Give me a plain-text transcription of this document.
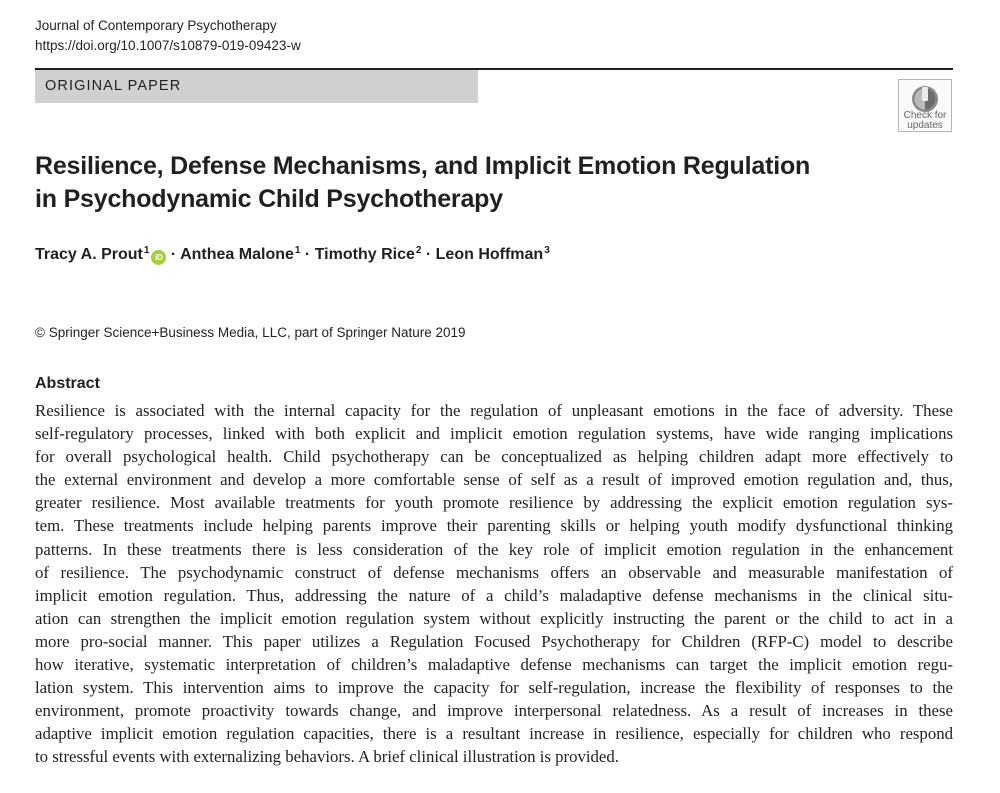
Journal of Contemporary Psychotherapy
https://doi.org/10.1007/s10879-019-09423-w
ORIGINAL PAPER
Check for updates
Resilience, Defense Mechanisms, and Implicit Emotion Regulation
in Psychodynamic Child Psychotherapy
Tracy A. Prout$^1$iD · Anthea Malone$^1$ · Timothy Rice$^2$ · Leon Hoffman$^3$
© Springer Science+Business Media, LLC, part of Springer Nature 2019
Abstract

Resilience is associated with the internal capacity for the regulation of unpleasant emotions in the face of adversity. These
self-regulatory processes, linked with both explicit and implicit emotion regulation systems, have wide ranging implications
for overall psychological health. Child psychotherapy can be conceptualized as helping children adapt more effectively to
the external environment and develop a more comfortable sense of self as a result of improved emotion regulation and, thus,
greater resilience. Most available treatments for youth promote resilience by addressing the explicit emotion regulation sys-
tem. These treatments include helping parents improve their parenting skills or helping youth modify dysfunctional thinking
patterns. In these treatments there is less consideration of the key role of implicit emotion regulation in the enhancement
of resilience. The psychodynamic construct of defense mechanisms offers an observable and measurable manifestation of
implicit emotion regulation. Thus, addressing the nature of a child’s maladaptive defense mechanisms in the clinical situ-
ation can strengthen the implicit emotion regulation system without explicitly instructing the parent or the child to act in a
more pro-social manner. This paper utilizes a Regulation Focused Psychotherapy for Children (RFP-C) model to describe
how iterative, systematic interpretation of children’s maladaptive defense mechanisms can target the implicit emotion regu-
lation system. This intervention aims to improve the capacity for self-regulation, increase the flexibility of responses to the
environment, promote proactivity towards change, and improve interpersonal relatedness. As a result of increases in these
adaptive implicit emotion regulation capacities, there is a resultant increase in resilience, especially for children who respond
to stressful events with externalizing behaviors. A brief clinical illustration is provided.
